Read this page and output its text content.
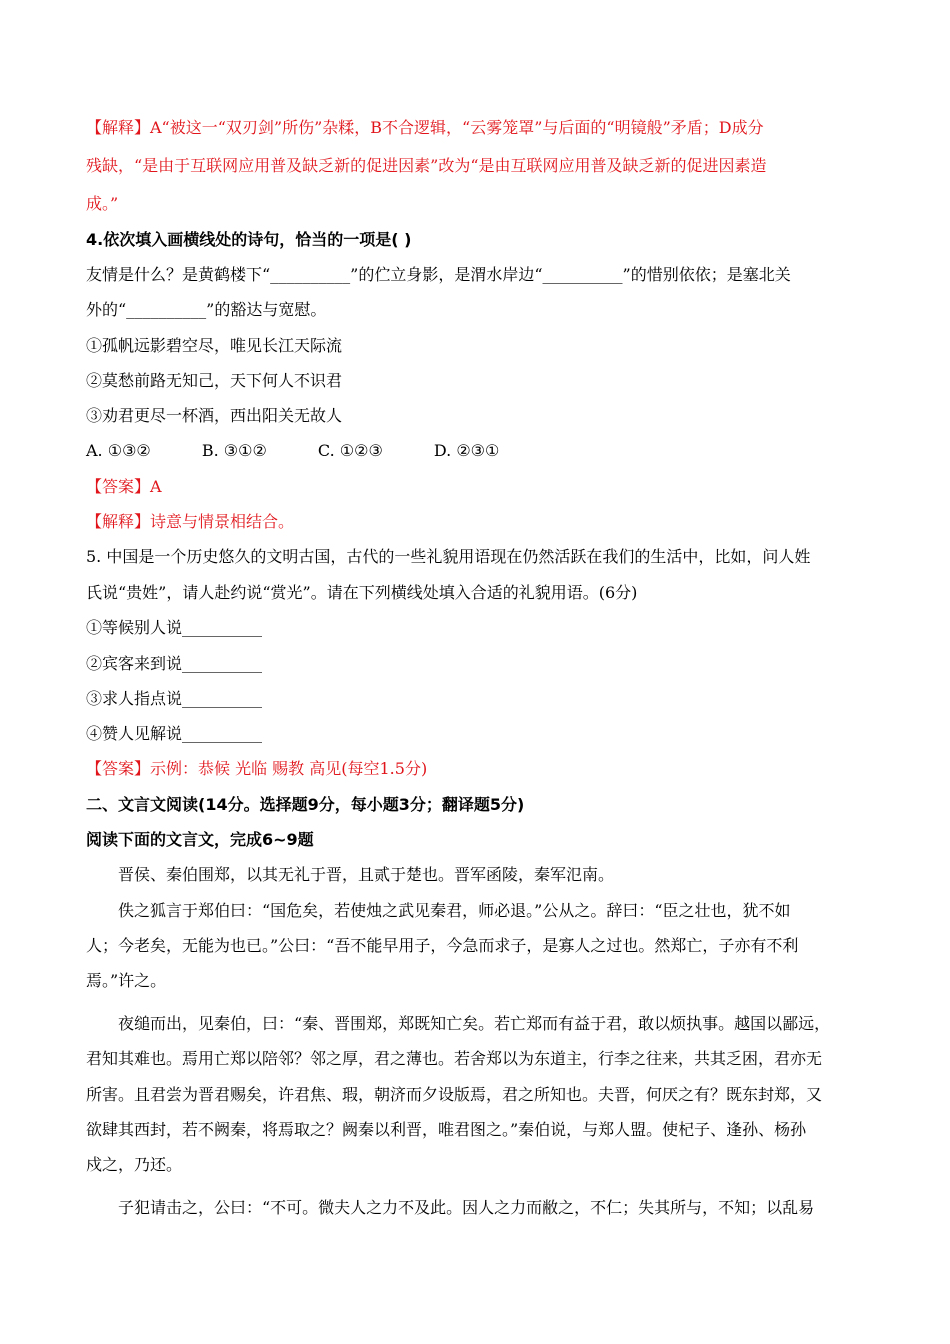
【解释】A“被这一“双刃剑”所伤”杂糅，B不合逻辑，“云雾笼罩”与后面的“明镜般”矛盾；D成分
残缺，“是由于互联网应用普及缺乏新的促进因素”改为“是由互联网应用普及缺乏新的促进因素造
成。”
4.依次填入画横线处的诗句，恰当的一项是( )
友情是什么？是黄鹤楼下“__________”的伫立身影，是渭水岸边“__________”的惜别依依；是塞北关
外的“__________”的豁达与宽慰。
①孤帆远影碧空尽，唯见长江天际流
②莫愁前路无知己，天下何人不识君
③劝君更尽一杯酒，西出阳关无故人
A. ①③②	B. ③①②	C. ①②③	D. ②③①
【答案】A
【解释】诗意与情景相结合。
5. 中国是一个历史悠久的文明古国，古代的一些礼貌用语现在仍然活跃在我们的生活中，比如，问人姓
氏说“贵姓”，请人赴约说“赏光”。请在下列横线处填入合适的礼貌用语。(6分)
①等候别人说__________
②宾客来到说__________
③求人指点说__________
④赞人见解说__________
【答案】示例：恭候 光临 赐教 高见(每空1.5分)
二、文言文阅读(14分。选择题9分，每小题3分；翻译题5分)
阅读下面的文言文，完成6~9题
晋侯、秦伯围郑，以其无礼于晋，且贰于楚也。晋军函陵，秦军氾南。
佚之狐言于郑伯曰：“国危矣，若使烛之武见秦君，师必退。”公从之。辞曰：“臣之壮也，犹不如
人；今老矣，无能为也已。”公曰：“吾不能早用子，今急而求子，是寡人之过也。然郑亡，子亦有不利
焉。”许之。
夜缒而出，见秦伯，曰：“秦、晋围郑，郑既知亡矣。若亡郑而有益于君，敢以烦执事。越国以鄙远，
君知其难也。焉用亡郑以陪邻？邻之厚，君之薄也。若舍郑以为东道主，行李之往来，共其乏困，君亦无
所害。且君尝为晋君赐矣，许君焦、瑕，朝济而夕设版焉，君之所知也。夫晋，何厌之有？既东封郑，又
欲肆其西封，若不阙秦，将焉取之？阙秦以利晋，唯君图之。”秦伯说，与郑人盟。使杞子、逢孙、杨孙
戍之，乃还。
子犯请击之，公曰：“不可。微夫人之力不及此。因人之力而敝之，不仁；失其所与，不知；以乱易
